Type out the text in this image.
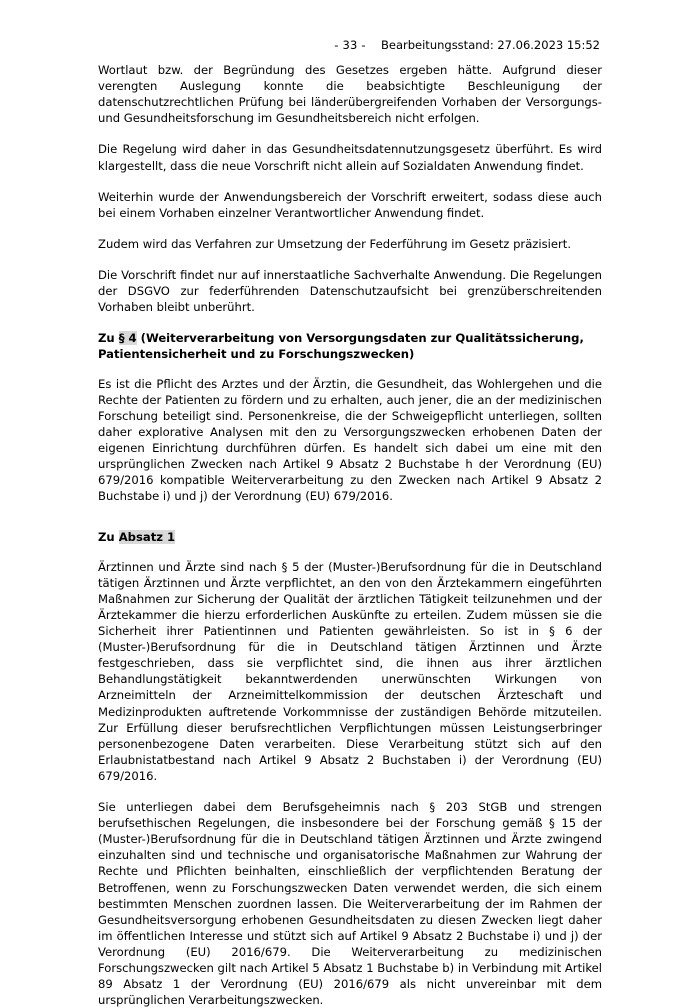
- 33 -	Bearbeitungsstand: 27.06.2023 15:52

Wortlaut bzw. der Begründung des Gesetzes ergeben hätte. Aufgrund dieser verengten Auslegung konnte die beabsichtigte Beschleunigung der datenschutzrechtlichen Prüfung bei länderübergreifenden Vorhaben der Versorgungs- und Gesundheitsforschung im Gesundheitsbereich nicht erfolgen.

Die Regelung wird daher in das Gesundheitsdatennutzungsgesetz überführt. Es wird klargestellt, dass die neue Vorschrift nicht allein auf Sozialdaten Anwendung findet.

Weiterhin wurde der Anwendungsbereich der Vorschrift erweitert, sodass diese auch bei einem Vorhaben einzelner Verantwortlicher Anwendung findet.

Zudem wird das Verfahren zur Umsetzung der Federführung im Gesetz präzisiert.

Die Vorschrift findet nur auf innerstaatliche Sachverhalte Anwendung. Die Regelungen der DSGVO zur federführenden Datenschutzaufsicht bei grenzüberschreitenden Vorhaben bleibt unberührt.

Zu § 4 (Weiterverarbeitung von Versorgungsdaten zur Qualitätssicherung, Patientensicherheit und zu Forschungszwecken)

Es ist die Pflicht des Arztes und der Ärztin, die Gesundheit, das Wohlergehen und die Rechte der Patienten zu fördern und zu erhalten, auch jener, die an der medizinischen Forschung beteiligt sind. Personenkreise, die der Schweigepflicht unterliegen, sollten daher explorative Analysen mit den zu Versorgungszwecken erhobenen Daten der eigenen Einrichtung durchführen dürfen. Es handelt sich dabei um eine mit den ursprünglichen Zwecken nach Artikel 9 Absatz 2 Buchstabe h der Verordnung (EU) 679/2016 kompatible Weiterverarbeitung zu den Zwecken nach Artikel 9 Absatz 2 Buchstabe i) und j) der Verordnung (EU) 679/2016.

Zu Absatz 1

Ärztinnen und Ärzte sind nach § 5 der (Muster-)Berufsordnung für die in Deutschland tätigen Ärztinnen und Ärzte verpflichtet, an den von den Ärztekammern eingeführten Maßnahmen zur Sicherung der Qualität der ärztlichen Tätigkeit teilzunehmen und der Ärztekammer die hierzu erforderlichen Auskünfte zu erteilen. Zudem müssen sie die Sicherheit ihrer Patientinnen und Patienten gewährleisten. So ist in § 6 der (Muster-)Berufsordnung für die in Deutschland tätigen Ärztinnen und Ärzte festgeschrieben, dass sie verpflichtet sind, die ihnen aus ihrer ärztlichen Behandlungstätigkeit bekanntwerdenden unerwünschten Wirkungen von Arzneimitteln der Arzneimittelkommission der deutschen Ärzteschaft und Medizinprodukten auftretende Vorkommnisse der zuständigen Behörde mitzuteilen. Zur Erfüllung dieser berufsrechtlichen Verpflichtungen müssen Leistungserbringer personenbezogene Daten verarbeiten. Diese Verarbeitung stützt sich auf den Erlaubnistatbestand nach Artikel 9 Absatz 2 Buchstaben i) der Verordnung (EU) 679/2016.

Sie unterliegen dabei dem Berufsgeheimnis nach § 203 StGB und strengen berufsethischen Regelungen, die insbesondere bei der Forschung gemäß § 15 der (Muster-)Berufsordnung für die in Deutschland tätigen Ärztinnen und Ärzte zwingend einzuhalten sind und technische und organisatorische Maßnahmen zur Wahrung der Rechte und Pflichten beinhalten, einschließlich der verpflichtenden Beratung der Betroffenen, wenn zu Forschungszwecken Daten verwendet werden, die sich einem bestimmten Menschen zuordnen lassen. Die Weiterverarbeitung der im Rahmen der Gesundheitsversorgung erhobenen Gesundheitsdaten zu diesen Zwecken liegt daher im öffentlichen Interesse und stützt sich auf Artikel 9 Absatz 2 Buchstabe i) und j) der Verordnung (EU) 2016/679. Die Weiterverarbeitung zu medizinischen Forschungszwecken gilt nach Artikel 5 Absatz 1 Buchstabe b) in Verbindung mit Artikel 89 Absatz 1 der Verordnung (EU) 2016/679 als nicht unvereinbar mit dem ursprünglichen Verarbeitungszwecken.
